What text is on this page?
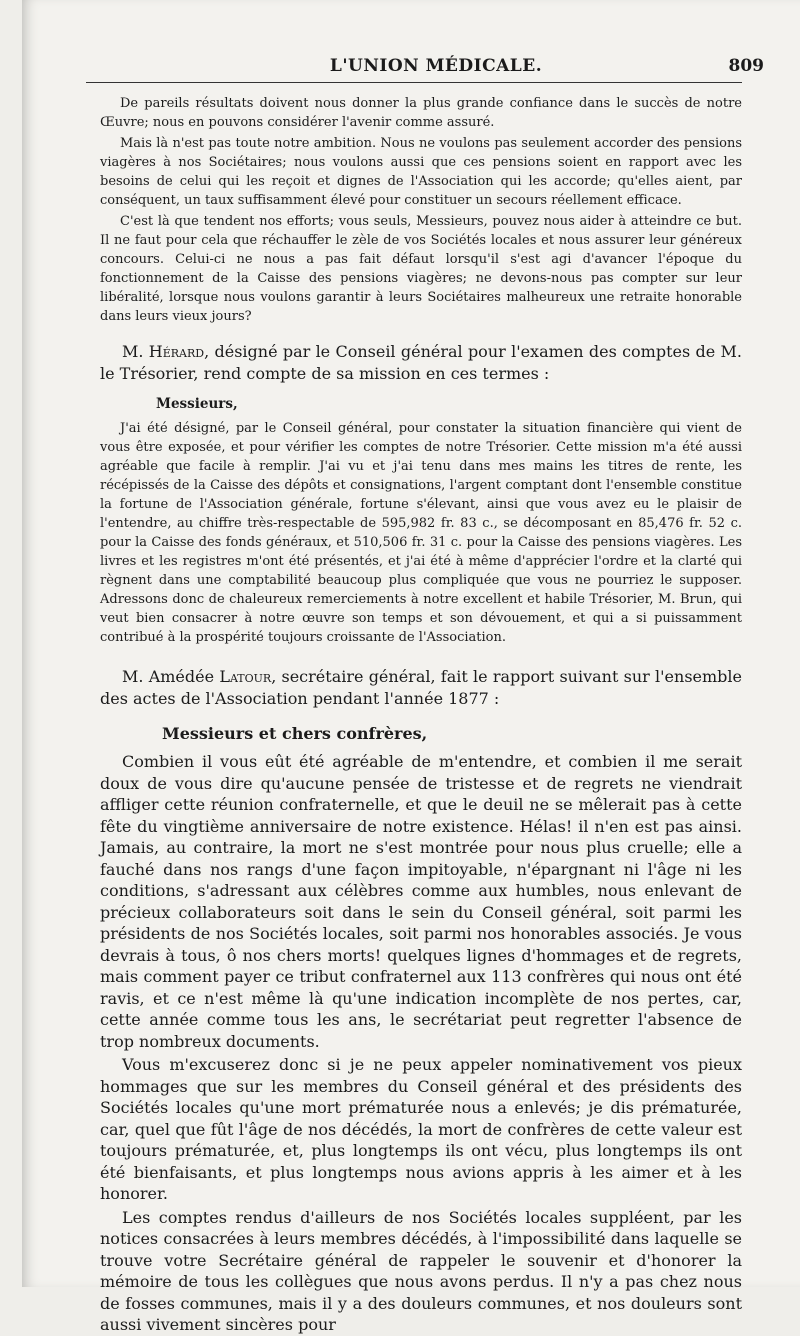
L'UNION MÉDICALE.	809

De pareils résultats doivent nous donner la plus grande confiance dans le succès de notre Œuvre; nous en pouvons considérer l'avenir comme assuré.

Mais là n'est pas toute notre ambition. Nous ne voulons pas seulement accorder des pensions viagères à nos Sociétaires; nous voulons aussi que ces pensions soient en rapport avec les besoins de celui qui les reçoit et dignes de l'Association qui les accorde; qu'elles aient, par conséquent, un taux suffisamment élevé pour constituer un secours réellement efficace.

C'est là que tendent nos efforts; vous seuls, Messieurs, pouvez nous aider à atteindre ce but. Il ne faut pour cela que réchauffer le zèle de vos Sociétés locales et nous assurer leur généreux concours. Celui-ci ne nous a pas fait défaut lorsqu'il s'est agi d'avancer l'époque du fonctionnement de la Caisse des pensions viagères; ne devons-nous pas compter sur leur libéralité, lorsque nous voulons garantir à leurs Sociétaires malheureux une retraite honorable dans leurs vieux jours?

M. Hérard, désigné par le Conseil général pour l'examen des comptes de M. le Trésorier, rend compte de sa mission en ces termes :

Messieurs,

J'ai été désigné, par le Conseil général, pour constater la situation financière qui vient de vous être exposée, et pour vérifier les comptes de notre Trésorier. Cette mission m'a été aussi agréable que facile à remplir. J'ai vu et j'ai tenu dans mes mains les titres de rente, les récépissés de la Caisse des dépôts et consignations, l'argent comptant dont l'ensemble constitue la fortune de l'Association générale, fortune s'élevant, ainsi que vous avez eu le plaisir de l'entendre, au chiffre très-respectable de 595,982 fr. 83 c., se décomposant en 85,476 fr. 52 c. pour la Caisse des fonds généraux, et 510,506 fr. 31 c. pour la Caisse des pensions viagères. Les livres et les registres m'ont été présentés, et j'ai été à même d'apprécier l'ordre et la clarté qui règnent dans une comptabilité beaucoup plus compliquée que vous ne pourriez le supposer. Adressons donc de chaleureux remerciements à notre excellent et habile Trésorier, M. Brun, qui veut bien consacrer à notre œuvre son temps et son dévouement, et qui a si puissamment contribué à la prospérité toujours croissante de l'Association.

M. Amédée Latour, secrétaire général, fait le rapport suivant sur l'ensemble des actes de l'Association pendant l'année 1877 :

Messieurs et chers confrères,

Combien il vous eût été agréable de m'entendre, et combien il me serait doux de vous dire qu'aucune pensée de tristesse et de regrets ne viendrait affliger cette réunion confraternelle, et que le deuil ne se mêlerait pas à cette fête du vingtième anniversaire de notre existence. Hélas! il n'en est pas ainsi. Jamais, au contraire, la mort ne s'est montrée pour nous plus cruelle; elle a fauché dans nos rangs d'une façon impitoyable, n'épargnant ni l'âge ni les conditions, s'adressant aux célèbres comme aux humbles, nous enlevant de précieux collaborateurs soit dans le sein du Conseil général, soit parmi les présidents de nos Sociétés locales, soit parmi nos honorables associés. Je vous devrais à tous, ô nos chers morts! quelques lignes d'hommages et de regrets, mais comment payer ce tribut confraternel aux 113 confrères qui nous ont été ravis, et ce n'est même là qu'une indication incomplète de nos pertes, car, cette année comme tous les ans, le secrétariat peut regretter l'absence de trop nombreux documents.

Vous m'excuserez donc si je ne peux appeler nominativement vos pieux hommages que sur les membres du Conseil général et des présidents des Sociétés locales qu'une mort prématurée nous a enlevés; je dis prématurée, car, quel que fût l'âge de nos décédés, la mort de confrères de cette valeur est toujours prématurée, et, plus longtemps ils ont vécu, plus longtemps ils ont été bienfaisants, et plus longtemps nous avions appris à les aimer et à les honorer.

Les comptes rendus d'ailleurs de nos Sociétés locales suppléent, par les notices consacrées à leurs membres décédés, à l'impossibilité dans laquelle se trouve votre Secrétaire général de rappeler le souvenir et d'honorer la mémoire de tous les collègues que nous avons perdus. Il n'y a pas chez nous de fosses communes, mais il y a des douleurs communes, et nos douleurs sont aussi vivement sincères pour
